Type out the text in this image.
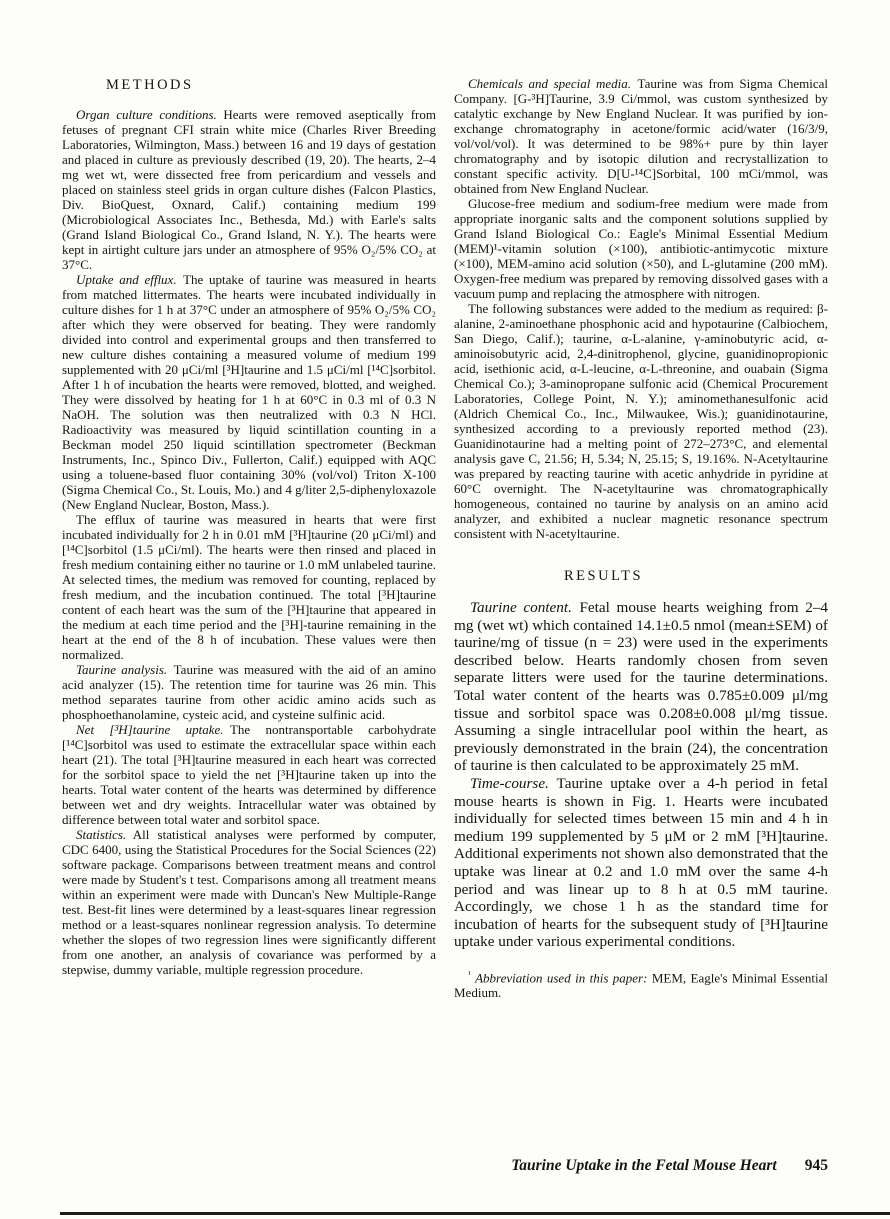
METHODS

Organ culture conditions.  Hearts were removed aseptically from fetuses of pregnant CFI strain white mice (Charles River Breeding Laboratories, Wilmington, Mass.) between 16 and 19 days of gestation and placed in culture as previously described (19, 20). The hearts, 2–4 mg wet wt, were dissected free from pericardium and vessels and placed on stainless steel grids in organ culture dishes (Falcon Plastics, Div. BioQuest, Oxnard, Calif.) containing medium 199 (Microbiological Associates Inc., Bethesda, Md.) with Earle's salts (Grand Island Biological Co., Grand Island, N. Y.). The hearts were kept in airtight culture jars under an atmosphere of 95% O₂/5% CO₂ at 37°C.

Uptake and efflux.  The uptake of taurine was measured in hearts from matched littermates. The hearts were incubated individually in culture dishes for 1 h at 37°C under an atmosphere of 95% O₂/5% CO₂ after which they were observed for beating. They were randomly divided into control and experimental groups and then transferred to new culture dishes containing a measured volume of medium 199 supplemented with 20 μCi/ml [³H]taurine and 1.5 μCi/ml [¹⁴C]sorbitol. After 1 h of incubation the hearts were removed, blotted, and weighed. They were dissolved by heating for 1 h at 60°C in 0.3 ml of 0.3 N NaOH. The solution was then neutralized with 0.3 N HCl. Radioactivity was measured by liquid scintillation counting in a Beckman model 250 liquid scintillation spectrometer (Beckman Instruments, Inc., Spinco Div., Fullerton, Calif.) equipped with AQC using a toluene-based fluor containing 30% (vol/vol) Triton X-100 (Sigma Chemical Co., St. Louis, Mo.) and 4 g/liter 2,5-diphenyloxazole (New England Nuclear, Boston, Mass.).

The efflux of taurine was measured in hearts that were first incubated individually for 2 h in 0.01 mM [³H]taurine (20 μCi/ml) and [¹⁴C]sorbitol (1.5 μCi/ml). The hearts were then rinsed and placed in fresh medium containing either no taurine or 1.0 mM unlabeled taurine. At selected times, the medium was removed for counting, replaced by fresh medium, and the incubation continued. The total [³H]taurine content of each heart was the sum of the [³H]taurine that appeared in the medium at each time period and the [³H]-taurine remaining in the heart at the end of the 8 h of incubation. These values were then normalized.

Taurine analysis.  Taurine was measured with the aid of an amino acid analyzer (15). The retention time for taurine was 26 min. This method separates taurine from other acidic amino acids such as phosphoethanolamine, cysteic acid, and cysteine sulfinic acid.

Net [³H]taurine uptake.  The nontransportable carbohydrate [¹⁴C]sorbitol was used to estimate the extracellular space within each heart (21). The total [³H]taurine measured in each heart was corrected for the sorbitol space to yield the net [³H]taurine taken up into the hearts. Total water content of the hearts was determined by difference between wet and dry weights. Intracellular water was obtained by difference between total water and sorbitol space.

Statistics.  All statistical analyses were performed by computer, CDC 6400, using the Statistical Procedures for the Social Sciences (22) software package. Comparisons between treatment means and control were made by Student's t test. Comparisons among all treatment means within an experiment were made with Duncan's New Multiple-Range test. Best-fit lines were determined by a least-squares linear regression method or a least-squares nonlinear regression analysis. To determine whether the slopes of two regression lines were significantly different from one another, an analysis of covariance was performed by a stepwise, dummy variable, multiple regression procedure.

Chemicals and special media.  Taurine was from Sigma Chemical Company. [G-³H]Taurine, 3.9 Ci/mmol, was custom synthesized by catalytic exchange by New England Nuclear. It was purified by ion-exchange chromatography in acetone/formic acid/water (16/3/9, vol/vol/vol). It was determined to be 98%+ pure by thin layer chromatography and by isotopic dilution and recrystallization to constant specific activity. D[U-¹⁴C]Sorbital, 100 mCi/mmol, was obtained from New England Nuclear.

Glucose-free medium and sodium-free medium were made from appropriate inorganic salts and the component solutions supplied by Grand Island Biological Co.: Eagle's Minimal Essential Medium (MEM)¹-vitamin solution (×100), antibiotic-antimycotic mixture (×100), MEM-amino acid solution (×50), and L-glutamine (200 mM). Oxygen-free medium was prepared by removing dissolved gases with a vacuum pump and replacing the atmosphere with nitrogen.

The following substances were added to the medium as required: β-alanine, 2-aminoethane phosphonic acid and hypotaurine (Calbiochem, San Diego, Calif.); taurine, α-L-alanine, γ-aminobutyric acid, α-aminoisobutyric acid, 2,4-dinitrophenol, glycine, guanidinopropionic acid, isethionic acid, α-L-leucine, α-L-threonine, and ouabain (Sigma Chemical Co.); 3-aminopropane sulfonic acid (Chemical Procurement Laboratories, College Point, N. Y.); aminomethanesulfonic acid (Aldrich Chemical Co., Inc., Milwaukee, Wis.); guanidinotaurine, synthesized according to a previously reported method (23). Guanidinotaurine had a melting point of 272–273°C, and elemental analysis gave C, 21.56; H, 5.34; N, 25.15; S, 19.16%. N-Acetyltaurine was prepared by reacting taurine with acetic anhydride in pyridine at 60°C overnight. The N-acetyltaurine was chromatographically homogeneous, contained no taurine by analysis on an amino acid analyzer, and exhibited a nuclear magnetic resonance spectrum consistent with N-acetyltaurine.

RESULTS

Taurine content.  Fetal mouse hearts weighing from 2–4 mg (wet wt) which contained 14.1±0.5 nmol (mean±SEM) of taurine/mg of tissue (n = 23) were used in the experiments described below. Hearts randomly chosen from seven separate litters were used for the taurine determinations. Total water content of the hearts was 0.785±0.009 μl/mg tissue and sorbitol space was 0.208±0.008 μl/mg tissue. Assuming a single intracellular pool within the heart, as previously demonstrated in the brain (24), the concentration of taurine is then calculated to be approximately 25 mM.

Time-course.  Taurine uptake over a 4-h period in fetal mouse hearts is shown in Fig. 1. Hearts were incubated individually for selected times between 15 min and 4 h in medium 199 supplemented by 5 μM or 2 mM [³H]taurine. Additional experiments not shown also demonstrated that the uptake was linear at 0.2 and 1.0 mM over the same 4-h period and was linear up to 8 h at 0.5 mM taurine. Accordingly, we chose 1 h as the standard time for incubation of hearts for the subsequent study of [³H]taurine uptake under various experimental conditions.

$^{^1}$ Abbreviation used in this paper: MEM, Eagle's Minimal Essential Medium.

Taurine Uptake in the Fetal Mouse Heart 945
